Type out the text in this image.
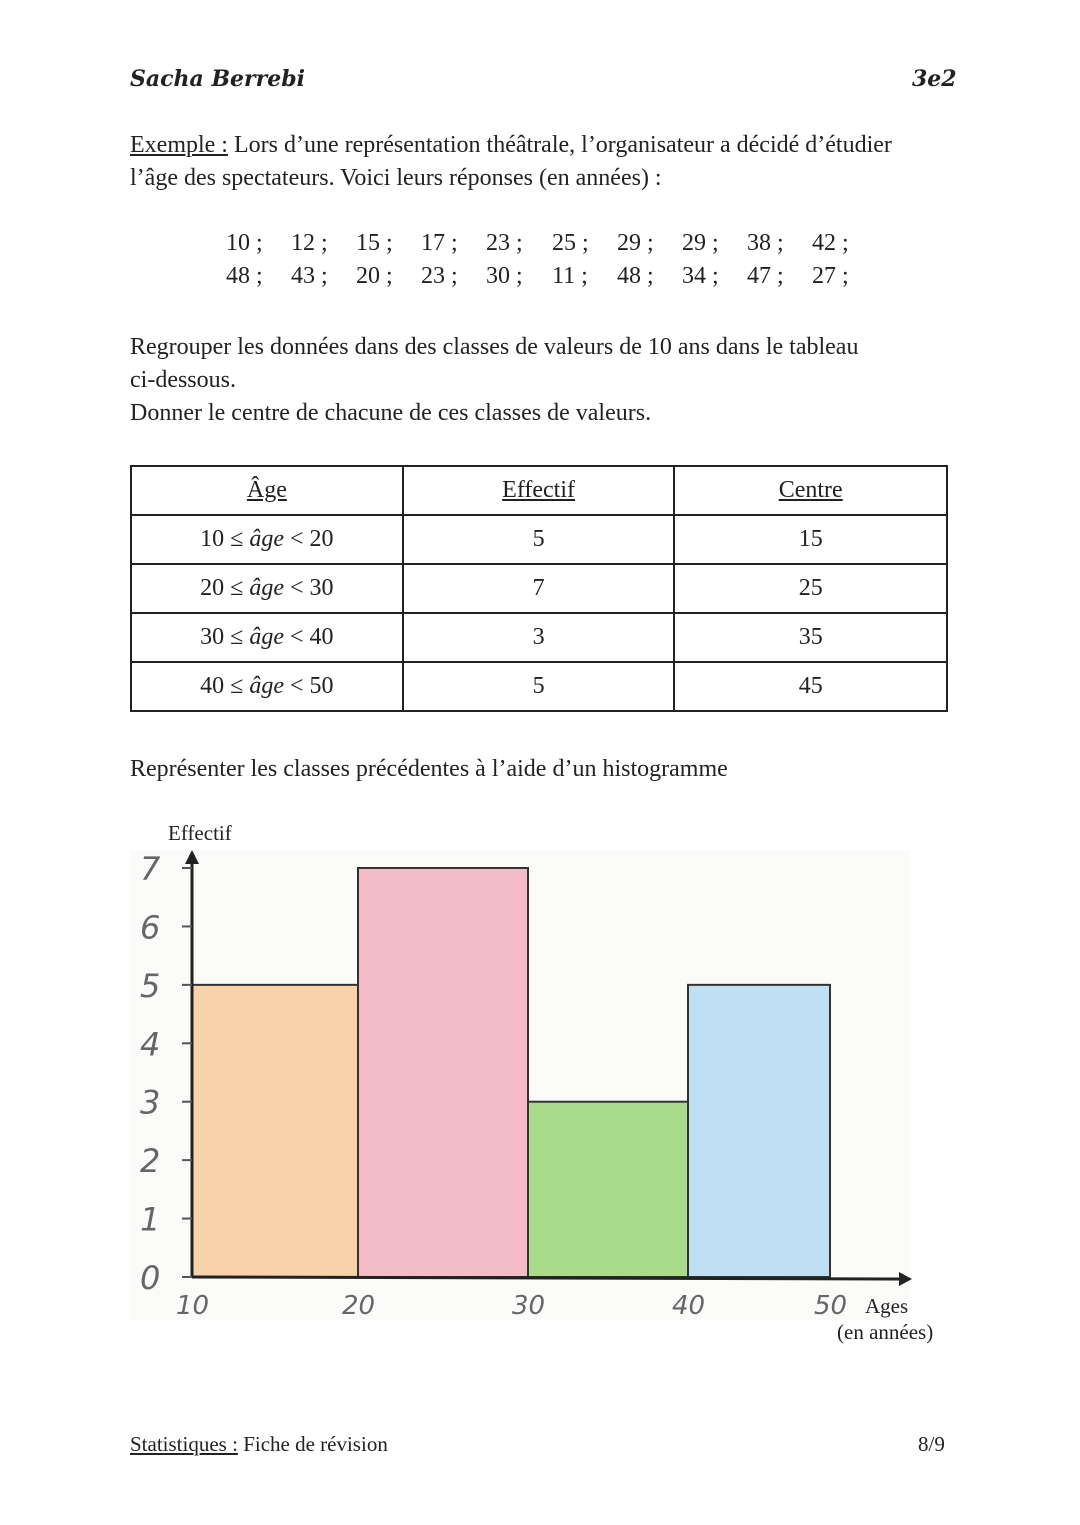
Sacha Berrebi	3e2
Exemple : Lors d’une représentation théâtrale, l’organisateur a décidé d’étudier
l’âge des spectateurs. Voici leurs réponses (en années) :
10 ; 12 ; 15 ; 17 ; 23 ; 25 ; 29 ; 29 ; 38 ; 42 ;
48 ; 43 ; 20 ; 23 ; 30 ; 11 ; 48 ; 34 ; 47 ; 27 ;
Regrouper les données dans des classes de valeurs de 10 ans dans le tableau
ci-dessous.
Donner le centre de chacune de ces classes de valeurs.
Âge	Effectif	Centre
10 ≤ âge < 20	5	15
20 ≤ âge < 30	7	25
30 ≤ âge < 40	3	35
40 ≤ âge < 50	5	45
Représenter les classes précédentes à l’aide d’un histogramme
Effectif
Ages
(en années)
0
1
2
3
4
5
6
7
10	20	30	40	50
Statistiques : Fiche de révision	8/9
